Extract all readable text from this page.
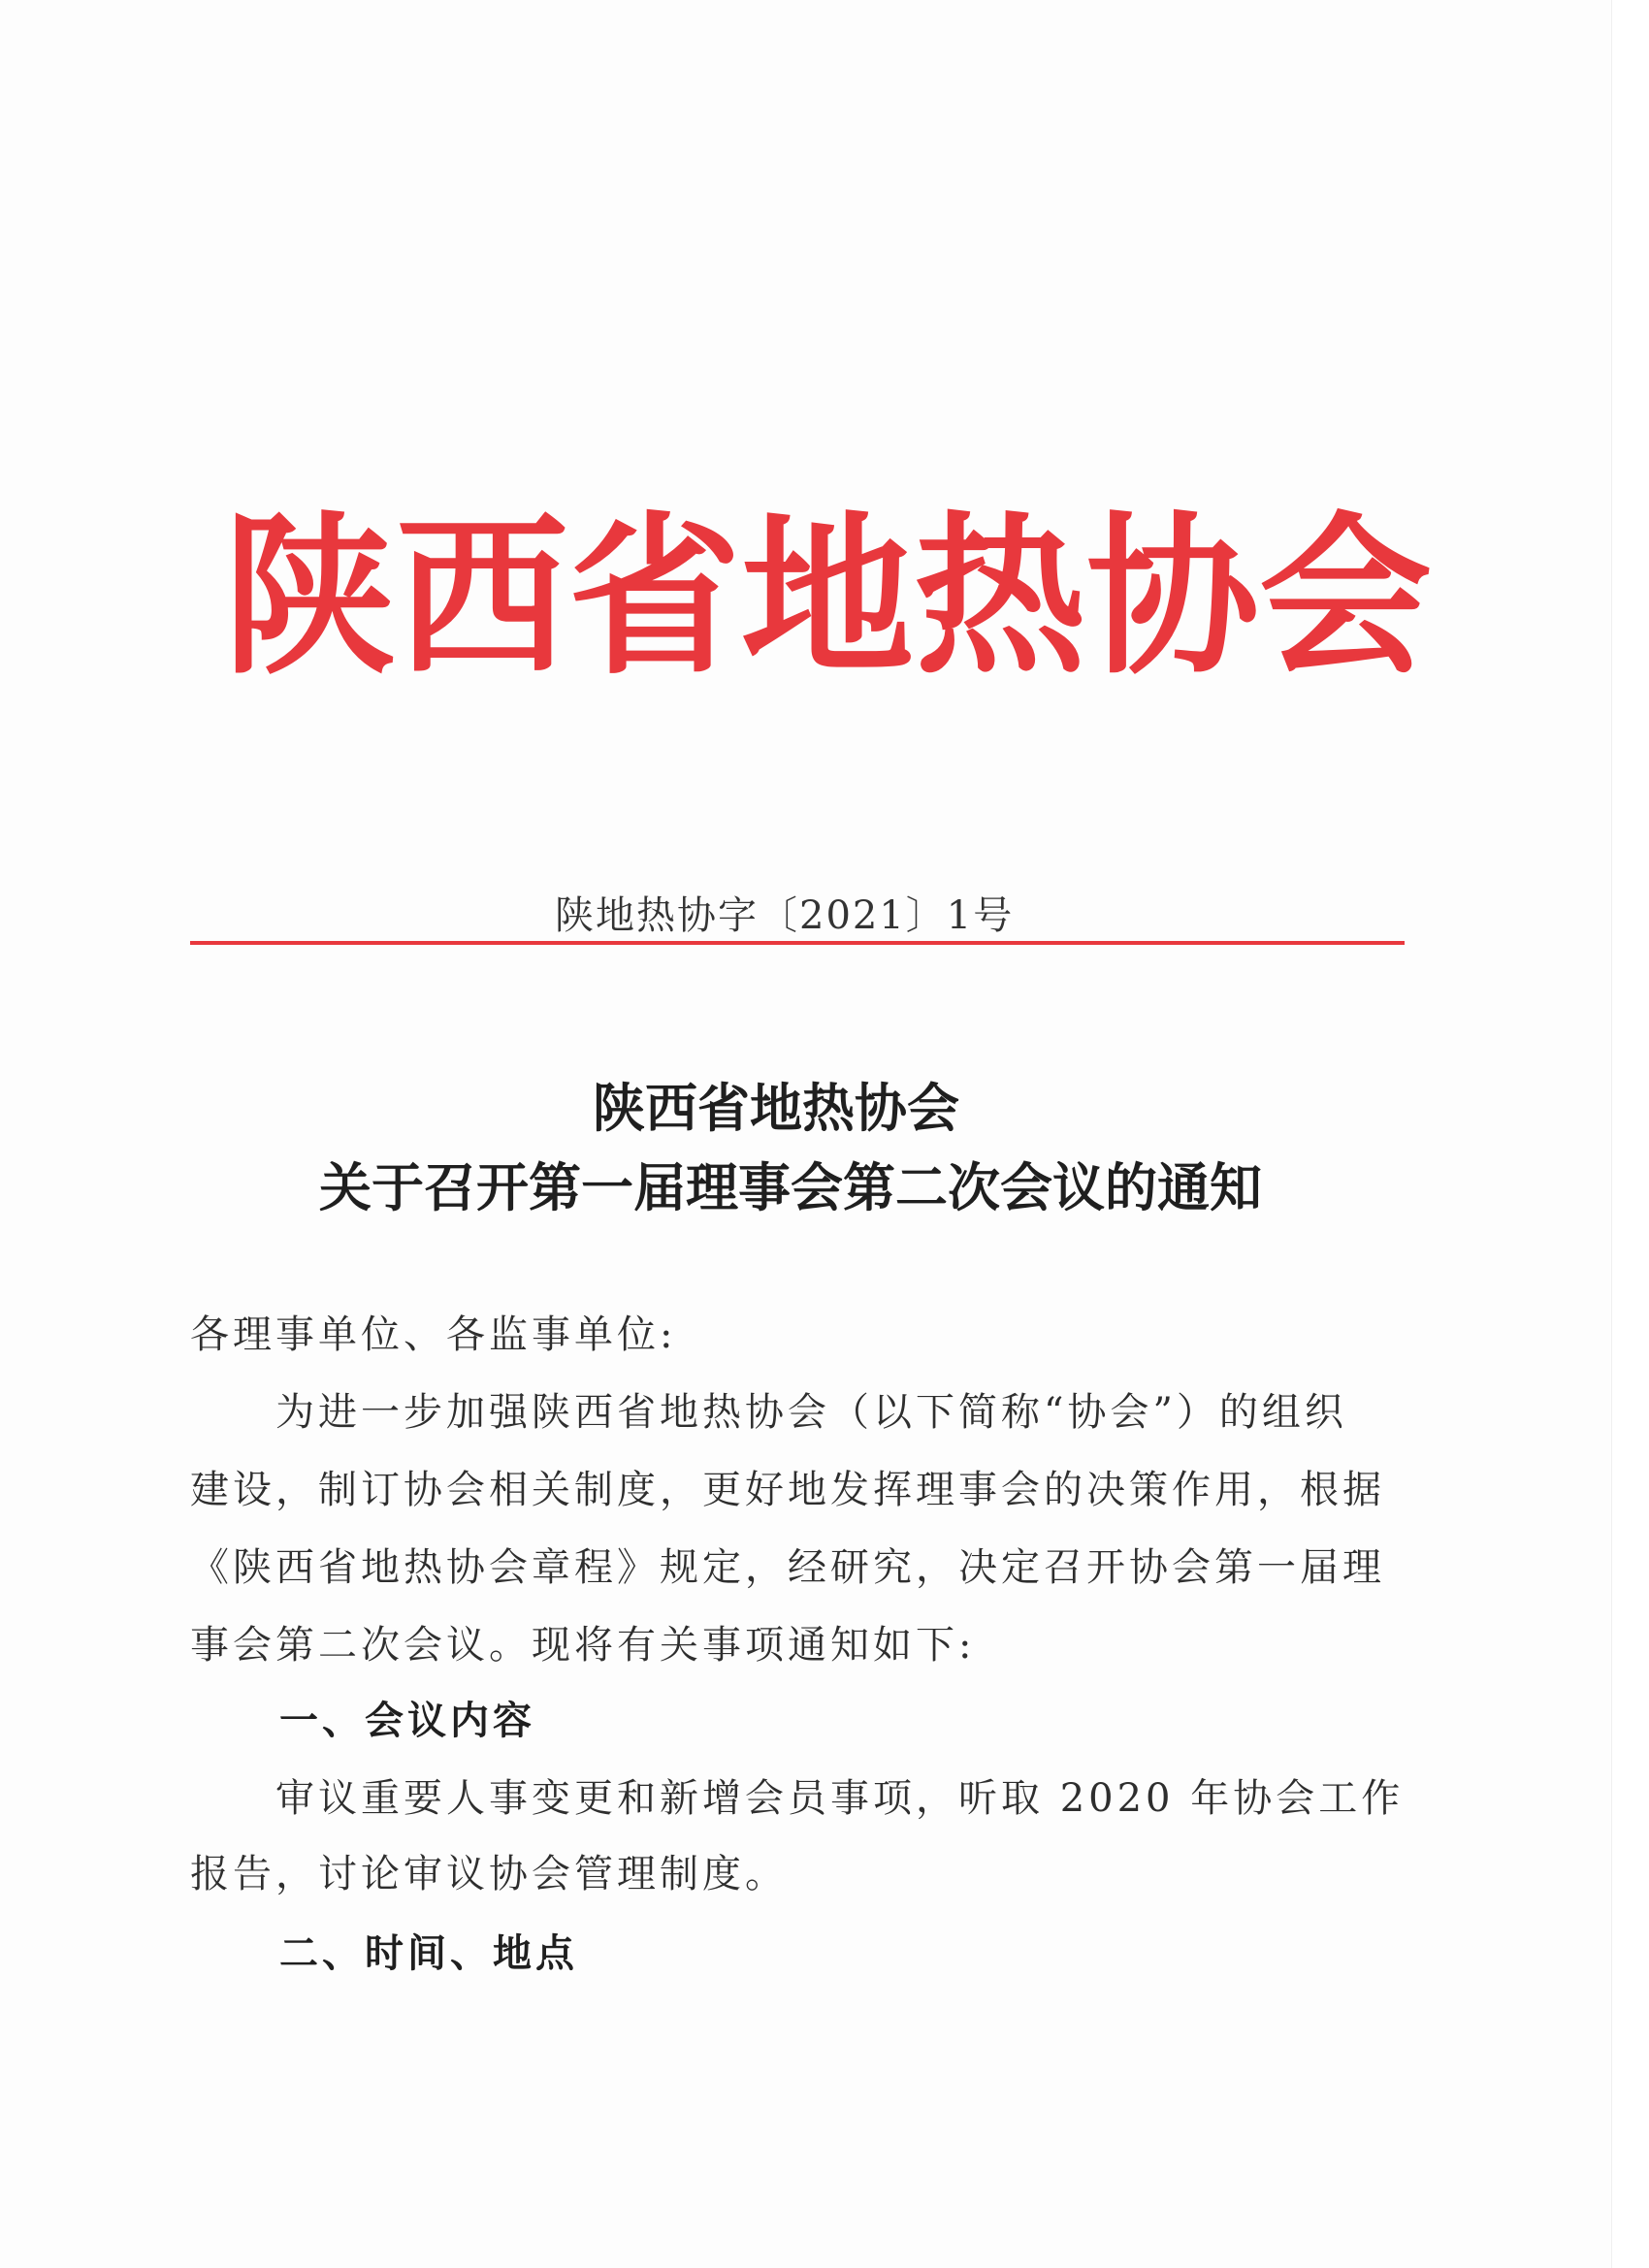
陕 西 省 地 热 协 会
陕地热协字〔2021〕1号
陕西省地热协会
关于召开第一届理事会第二次会议的通知
各理事单位、各监事单位:
为进一步加强陕西省地热协会（以下简称“协会”）的组织
建设，制订协会相关制度，更好地发挥理事会的决策作用，根据
《陕西省地热协会章程》规定，经研究，决定召开协会第一届理
事会第二次会议。现将有关事项通知如下:
一、会议内容
审议重要人事变更和新增会员事项，听取 2020 年协会工作
报告，讨论审议协会管理制度。
二、时间、地点
